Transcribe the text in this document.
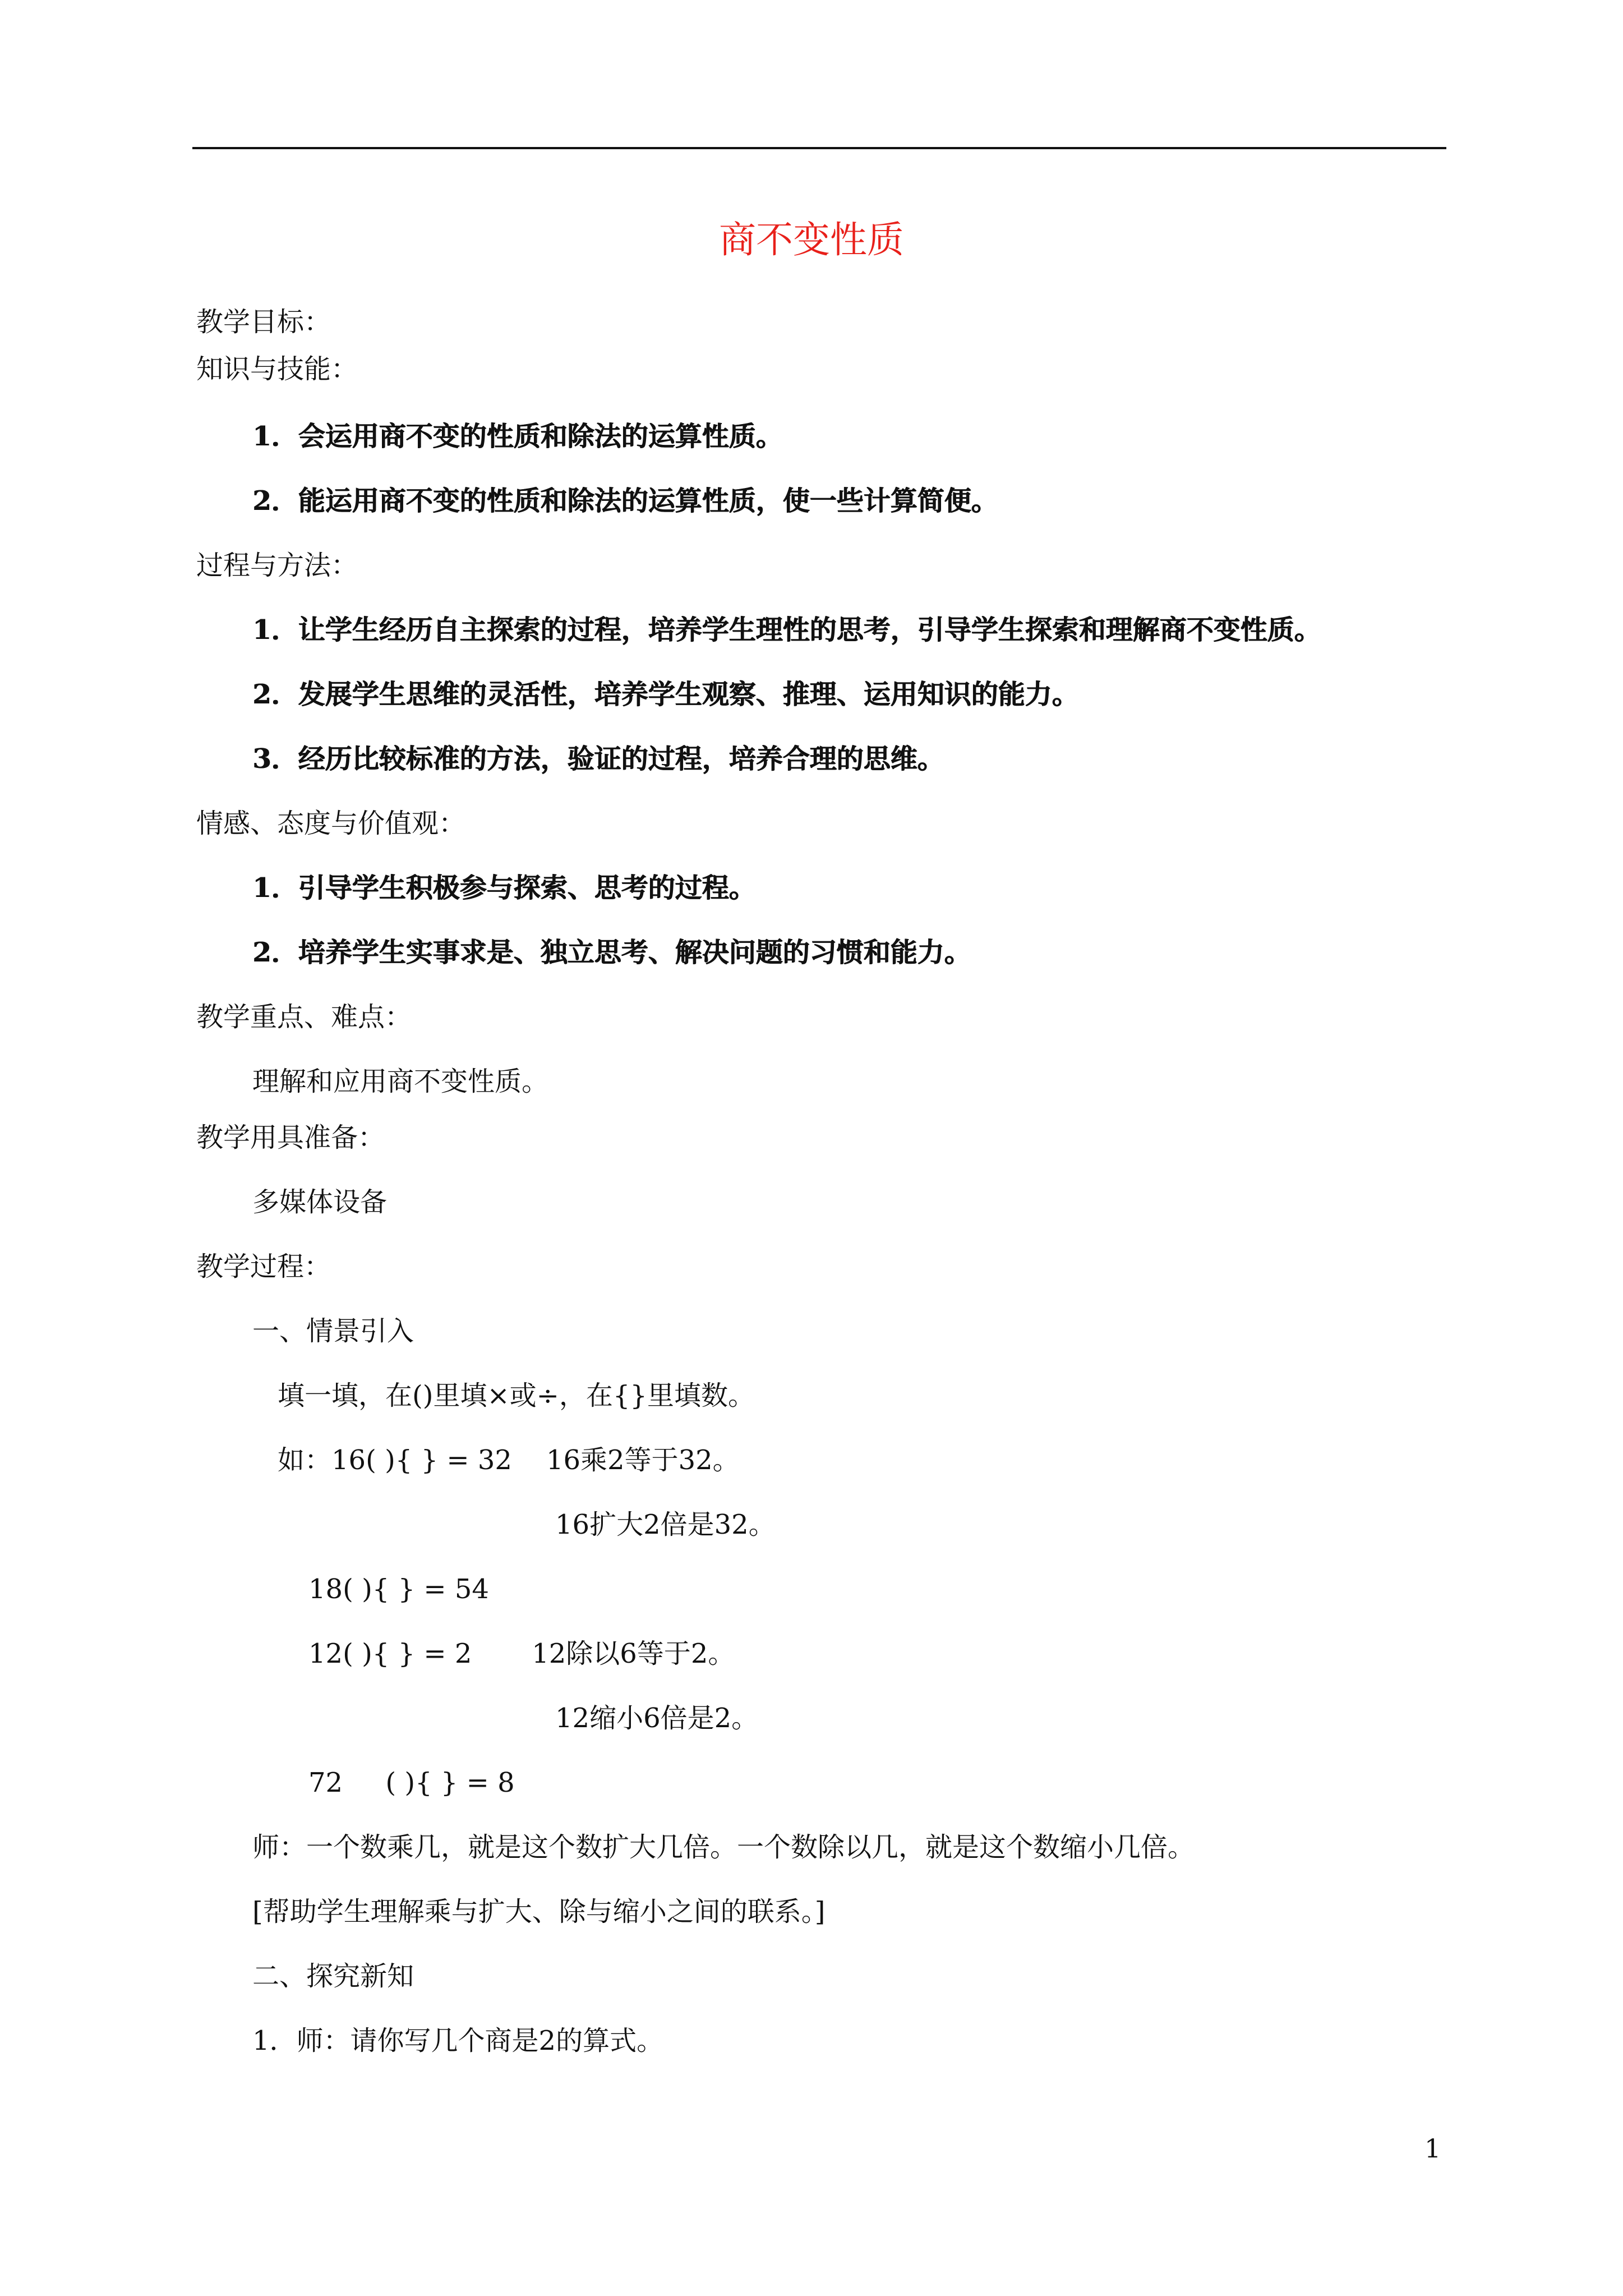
商不变性质

教学目标：

知识与技能：

1．会运用商不变的性质和除法的运算性质。

2．能运用商不变的性质和除法的运算性质，使一些计算简便。

过程与方法：

1．让学生经历自主探索的过程，培养学生理性的思考，引导学生探索和理解商不变性质。

2．发展学生思维的灵活性，培养学生观察、推理、运用知识的能力。

3．经历比较标准的方法，验证的过程，培养合理的思维。

情感、态度与价值观：

1．引导学生积极参与探索、思考的过程。

2．培养学生实事求是、独立思考、解决问题的习惯和能力。

教学重点、难点：

理解和应用商不变性质。

教学用具准备：

多媒体设备

教学过程：

一、情景引入

填一填，在()里填×或÷，在{}里填数。

如：16( ){ } = 32    16乘2等于32。

16扩大2倍是32。

18( ){ } = 54

12( ){ } = 2       12除以6等于2。

12缩小6倍是2。

72     ( ){ } = 8

师：一个数乘几，就是这个数扩大几倍。一个数除以几，就是这个数缩小几倍。

[帮助学生理解乘与扩大、除与缩小之间的联系。]

二、探究新知

1．师：请你写几个商是2的算式。

1
